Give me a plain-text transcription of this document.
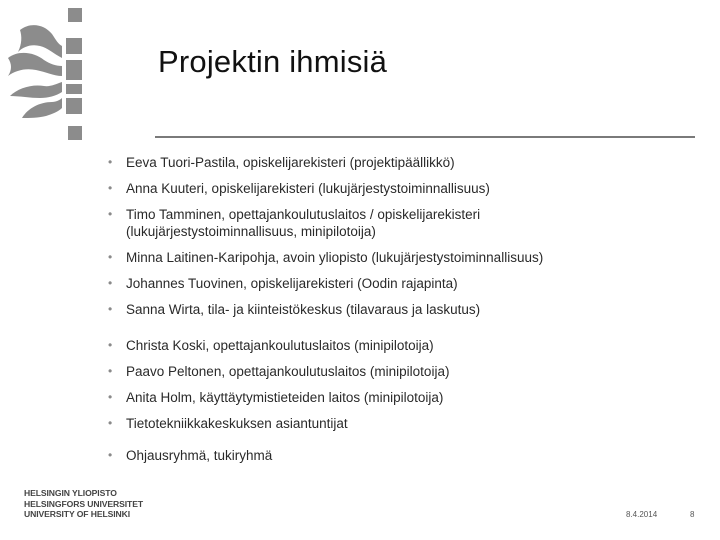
Projektin ihmisiä
• Eeva Tuori-Pastila, opiskelijarekisteri (projektipäällikkö)
• Anna Kuuteri, opiskelijarekisteri (lukujärjestystoiminnallisuus)
• Timo Tamminen, opettajankoulutuslaitos / opiskelijarekisteri (lukujärjestystoiminnallisuus, minipilotoija)
• Minna Laitinen-Karipohja, avoin yliopisto (lukujärjestystoiminnallisuus)
• Johannes Tuovinen, opiskelijarekisteri (Oodin rajapinta)
• Sanna Wirta, tila- ja kiinteistökeskus (tilavaraus ja laskutus)
• Christa Koski, opettajankoulutuslaitos (minipilotoija)
• Paavo Peltonen, opettajankoulutuslaitos (minipilotoija)
• Anita Holm, käyttäytymistieteiden laitos (minipilotoija)
• Tietotekniikkakeskuksen asiantuntijat
• Ohjausryhmä, tukiryhmä
HELSINGIN YLIOPISTO
HELSINGFORS UNIVERSITET
UNIVERSITY OF HELSINKI	8.4.2014	8
